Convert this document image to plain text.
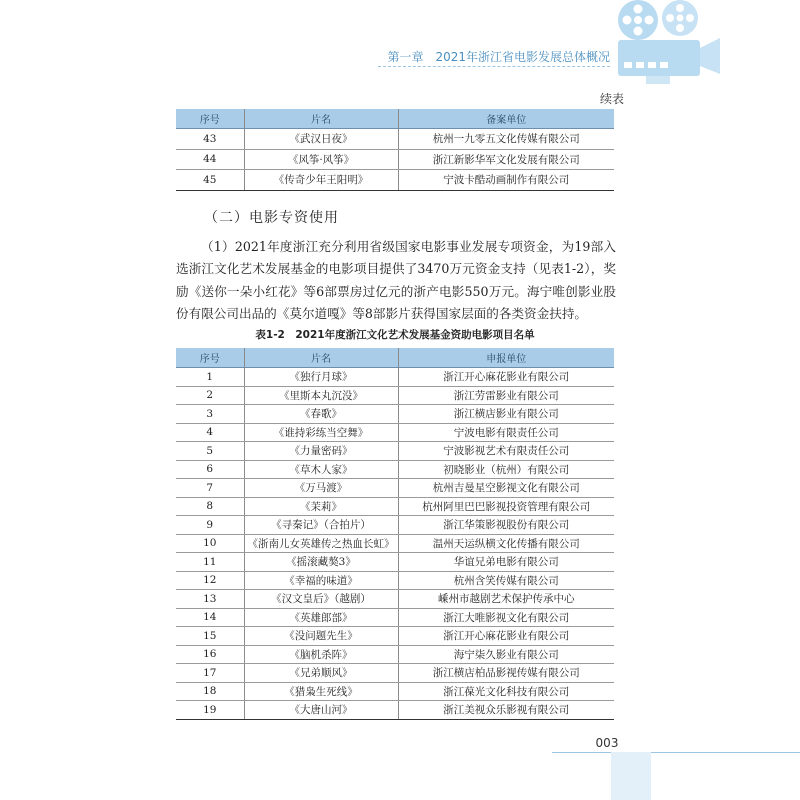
第一章　2021年浙江省电影发展总体概况
续表
序号	片名	备案单位
43	《武汉日夜》	杭州一九零五文化传媒有限公司
44	《风筝·风筝》	浙江新影华军文化发展有限公司
45	《传奇少年王阳明》	宁波卡酷动画制作有限公司
（二）电影专资使用

（1）2021年度浙江充分利用省级国家电影事业发展专项资金，为19部入选浙江文化艺术发展基金的电影项目提供了3470万元资金支持（见表1-2），奖励《送你一朵小红花》等6部票房过亿元的浙产电影550万元。海宁唯创影业股份有限公司出品的《莫尔道嘎》等8部影片获得国家层面的各类资金扶持。

表1-2　2021年度浙江文化艺术发展基金资助电影项目名单
序号	片名	申报单位
1	《独行月球》	浙江开心麻花影业有限公司
2	《里斯本丸沉没》	浙江劳雷影业有限公司
3	《春歌》	浙江横店影业有限公司
4	《谁持彩练当空舞》	宁波电影有限责任公司
5	《力量密码》	宁波影视艺术有限责任公司
6	《草木人家》	初晓影业（杭州）有限公司
7	《万马渡》	杭州吉曼星空影视文化有限公司
8	《茉莉》	杭州阿里巴巴影视投资管理有限公司
9	《寻秦记》（合拍片）	浙江华策影视股份有限公司
10	《浙南儿女英雄传之热血长虹》	温州天运纵横文化传播有限公司
11	《摇滚藏獒3》	华谊兄弟电影有限公司
12	《幸福的味道》	杭州含笑传媒有限公司
13	《汉文皇后》（越剧）	嵊州市越剧艺术保护传承中心
14	《英雄郎部》	浙江大唯影视文化有限公司
15	《没问题先生》	浙江开心麻花影业有限公司
16	《脑机杀阵》	海宁柒久影业有限公司
17	《兄弟顺风》	浙江横店柏品影视传媒有限公司
18	《猎枭生死线》	浙江葆光文化科技有限公司
19	《大唐山河》	浙江美视众乐影视有限公司
003
